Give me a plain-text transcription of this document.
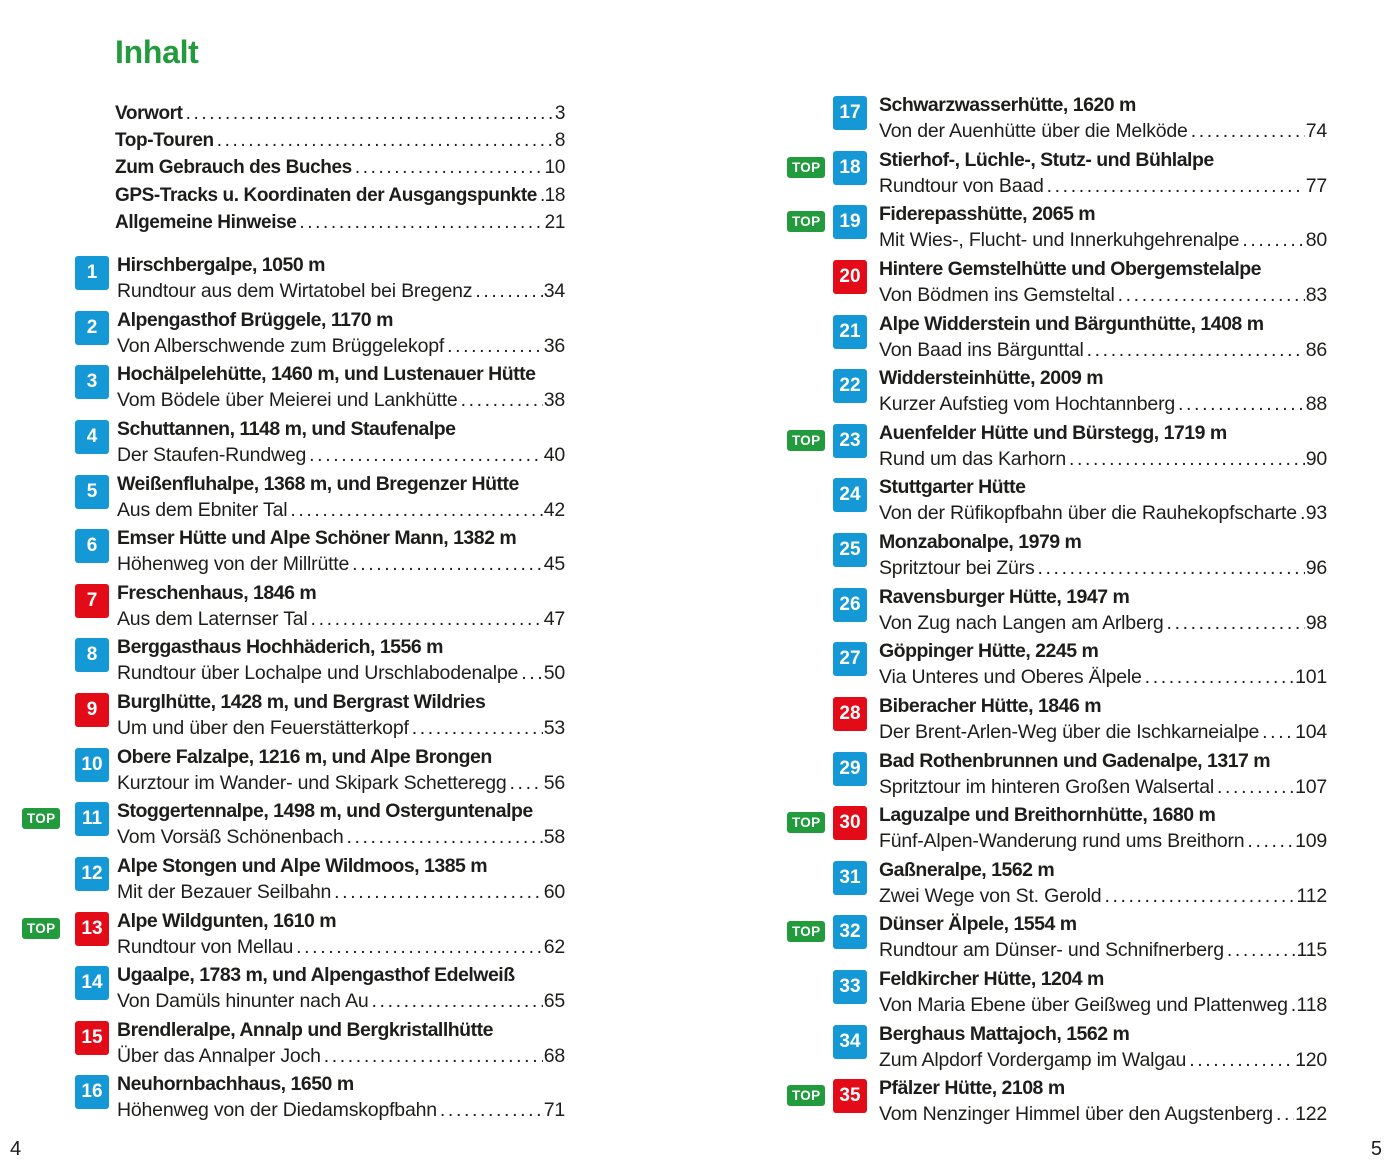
Inhalt
Vorwort .....	3
Top-Touren .....	8
Zum Gebrauch des Buches .....	10
GPS-Tracks u. Koordinaten der Ausgangspunkte ..... 18
Allgemeine Hinweise .....	21
1	Hirschbergalpe, 1050 m
Rundtour aus dem Wirtatobel bei Bregenz .....	34
2	Alpengasthof Brüggele, 1170 m
Von Alberschwende zum Brüggelekopf .....	36
3	Hochälpelehütte, 1460 m, und Lustenauer Hütte
Vom Bödele über Meierei und Lankhütte .....	38
4	Schuttannen, 1148 m, und Staufenalpe
Der Staufen-Rundweg .....	40
5	Weißenfluhalpe, 1368 m, und Bregenzer Hütte
Aus dem Ebniter Tal .....	42
6	Emser Hütte und Alpe Schöner Mann, 1382 m
Höhenweg von der Millrütte .....	45
7	Freschenhaus, 1846 m
Aus dem Laternser Tal .....	47
8	Berggasthaus Hochhäderich, 1556 m
Rundtour über Lochalpe und Urschlabodenalpe ..... 50
9	Burglhütte, 1428 m, und Bergrast Wildries
Um und über den Feuerstätterkopf .....	53
10 Obere Falzalpe, 1216 m, und Alpe Brongen
Kurztour im Wander- und Skipark Schetteregg ..... 56
TOP	11 Stoggertennalpe, 1498 m, und Osterguntenalpe
Vom Vorsäß Schönenbach .....	58
12 Alpe Stongen und Alpe Wildmoos, 1385 m
Mit der Bezauer Seilbahn .....	60
TOP	13 Alpe Wildgunten, 1610 m
Rundtour von Mellau .....	62
14 Ugaalpe, 1783 m, und Alpengasthof Edelweiß
Von Damüls hinunter nach Au .....	65
15 Brendleralpe, Annalp und Bergkristallhütte
Über das Annalper Joch .....	68
16 Neuhornbachhaus, 1650 m
Höhenweg von der Diedamskopfbahn .....	71
17 Schwarzwasserhütte, 1620 m
Von der Auenhütte über die Melköde .....	74
TOP	18 Stierhof-, Lüchle-, Stutz- und Bühlalpe
Rundtour von Baad .....	77
TOP	19 Fiderepasshütte, 2065 m
Mit Wies-, Flucht- und Innerkuhgehrenalpe .....	80
20 Hintere Gemstelhütte und Obergemstelalpe
Von Bödmen ins Gemsteltal .....	83
21 Alpe Widderstein und Bärgunthütte, 1408 m
Von Baad ins Bärgunttal .....	86
22 Widdersteinhütte, 2009 m
Kurzer Aufstieg vom Hochtannberg .....	88
TOP	23 Auenfelder Hütte und Bürstegg, 1719 m
Rund um das Karhorn .....	90
24 Stuttgarter Hütte
Von der Rüfikopfbahn über die Rauhekopfscharte ..... 93
25 Monzabonalpe, 1979 m
Spritztour bei Zürs .....	96
26 Ravensburger Hütte, 1947 m
Von Zug nach Langen am Arlberg .....	98
27 Göppinger Hütte, 2245 m
Via Unteres und Oberes Älpele .....	101
28 Biberacher Hütte, 1846 m
Der Brent-Arlen-Weg über die Ischkarneialpe ..... 104
29 Bad Rothenbrunnen und Gadenalpe, 1317 m
Spritztour im hinteren Großen Walsertal .....	107
TOP	30 Laguzalpe und Breithornhütte, 1680 m
Fünf-Alpen-Wanderung rund ums Breithorn .....	109
31 Gaßneralpe, 1562 m
Zwei Wege von St. Gerold .....	112
TOP	32 Dünser Älpele, 1554 m
Rundtour am Dünser- und Schnifnerberg .....	115
33 Feldkircher Hütte, 1204 m
Von Maria Ebene über Geißweg und Plattenweg ..... 118
34 Berghaus Mattajoch, 1562 m
Zum Alpdorf Vordergamp im Walgau .....	120
TOP	35 Pfälzer Hütte, 2108 m
Vom Nenzinger Himmel über den Augstenberg ..... 122
4	5
